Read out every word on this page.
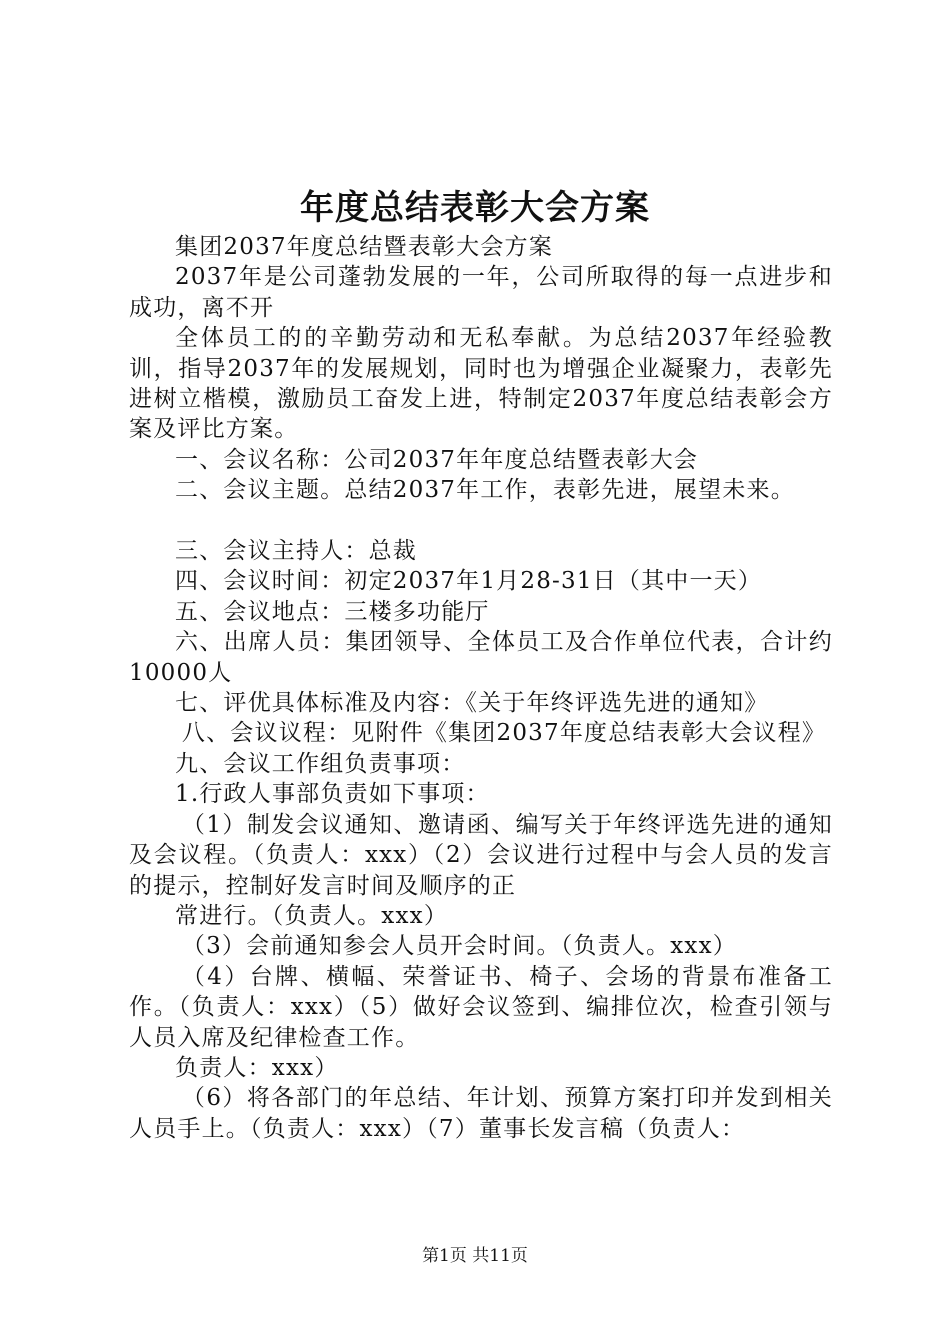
年度总结表彰大会方案

集团2037年度总结暨表彰大会方案

2037年是公司蓬勃发展的一年，公司所取得的每一点进步和成功，离不开

全体员工的的辛勤劳动和无私奉献。为总结2037年经验教训，指导2037年的发展规划，同时也为增强企业凝聚力，表彰先进树立楷模，激励员工奋发上进，特制定2037年度总结表彰会方案及评比方案。

一、会议名称：公司2037年年度总结暨表彰大会

二、会议主题。总结2037年工作，表彰先进，展望未来。

三、会议主持人：总裁

四、会议时间：初定2037年1月28-31日（其中一天）

五、会议地点：三楼多功能厅

六、出席人员：集团领导、全体员工及合作单位代表，合计约10000人

七、评优具体标准及内容：《关于年终评选先进的通知》

八、会议议程：见附件《集团2037年度总结表彰大会议程》

九、会议工作组负责事项：

1.行政人事部负责如下事项：

（1）制发会议通知、邀请函、编写关于年终评选先进的通知及会议程。（负责人：xxx）（2）会议进行过程中与会人员的发言的提示，控制好发言时间及顺序的正

常进行。（负责人。xxx）

（3）会前通知参会人员开会时间。（负责人。xxx）

（4）台牌、横幅、荣誉证书、椅子、会场的背景布准备工作。（负责人：xxx）（5）做好会议签到、编排位次，检查引领与人员入席及纪律检查工作。

负责人：xxx）

（6）将各部门的年总结、年计划、预算方案打印并发到相关人员手上。（负责人：xxx）（7）董事长发言稿（负责人：

第1页 共11页
